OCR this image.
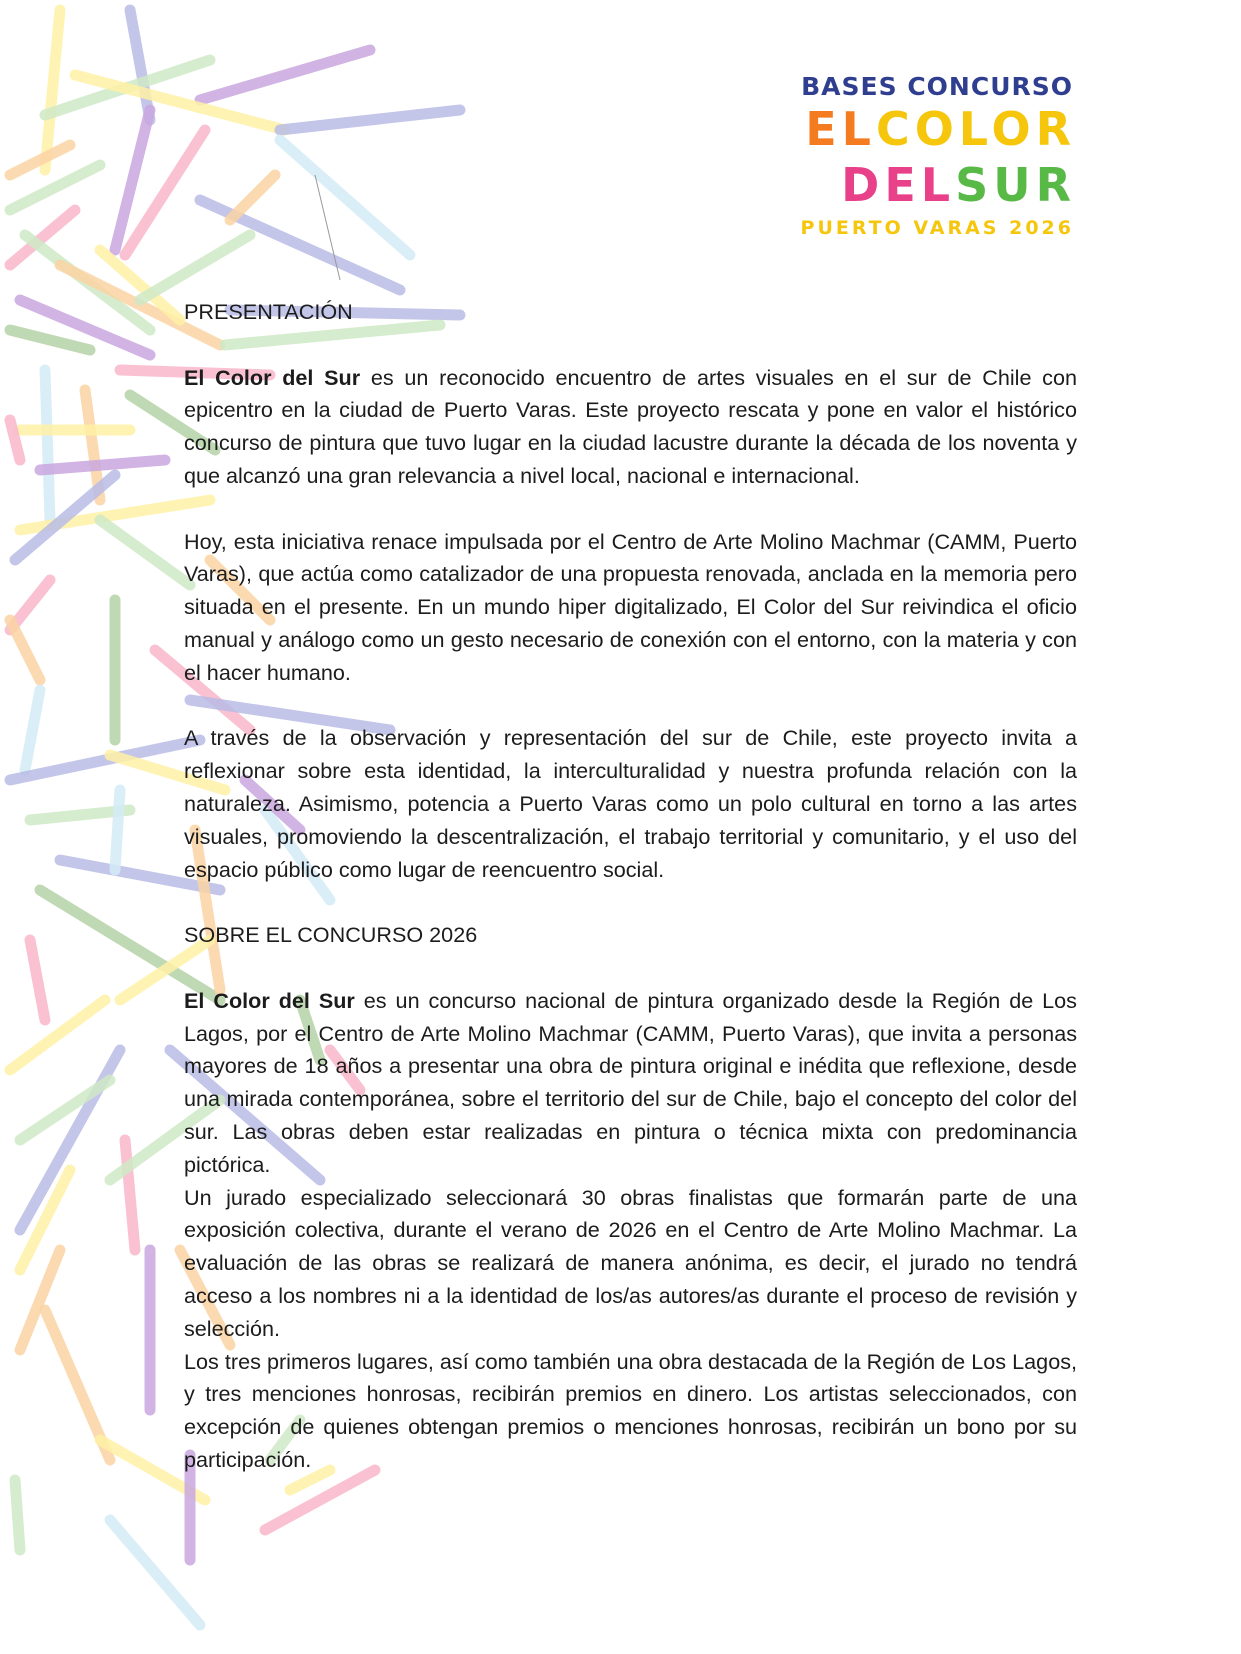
BASES CONCURSO
ELCOLOR
DELSUR
PUERTO VARAS 2026

PRESENTACIÓN

El Color del Sur es un reconocido encuentro de artes visuales en el sur de Chile con epicentro en la ciudad de Puerto Varas. Este proyecto rescata y pone en valor el histórico concurso de pintura que tuvo lugar en la ciudad lacustre durante la década de los noventa y que alcanzó una gran relevancia a nivel local, nacional e internacional.

Hoy, esta iniciativa renace impulsada por el Centro de Arte Molino Machmar (CAMM, Puerto Varas), que actúa como catalizador de una propuesta renovada, anclada en la memoria pero situada en el presente. En un mundo hiper digitalizado, El Color del Sur reivindica el oficio manual y análogo como un gesto necesario de conexión con el entorno, con la materia y con el hacer humano.

A través de la observación y representación del sur de Chile, este proyecto invita a reflexionar sobre esta identidad, la interculturalidad y nuestra profunda relación con la naturaleza. Asimismo, potencia a Puerto Varas como un polo cultural en torno a las artes visuales, promoviendo la descentralización, el trabajo territorial y comunitario, y el uso del espacio público como lugar de reencuentro social.

SOBRE EL CONCURSO 2026

El Color del Sur es un concurso nacional de pintura organizado desde la Región de Los Lagos, por el Centro de Arte Molino Machmar (CAMM, Puerto Varas), que invita a personas mayores de 18 años a presentar una obra de pintura original e inédita que reflexione, desde una mirada contemporánea, sobre el territorio del sur de Chile, bajo el concepto del color del sur. Las obras deben estar realizadas en pintura o técnica mixta con predominancia pictórica.

Un jurado especializado seleccionará 30 obras finalistas que formarán parte de una exposición colectiva, durante el verano de 2026 en el Centro de Arte Molino Machmar. La evaluación de las obras se realizará de manera anónima, es decir, el jurado no tendrá acceso a los nombres ni a la identidad de los/as autores/as durante el proceso de revisión y selección.

Los tres primeros lugares, así como también una obra destacada de la Región de Los Lagos, y tres menciones honrosas, recibirán premios en dinero. Los artistas seleccionados, con excepción de quienes obtengan premios o menciones honrosas, recibirán un bono por su participación.
